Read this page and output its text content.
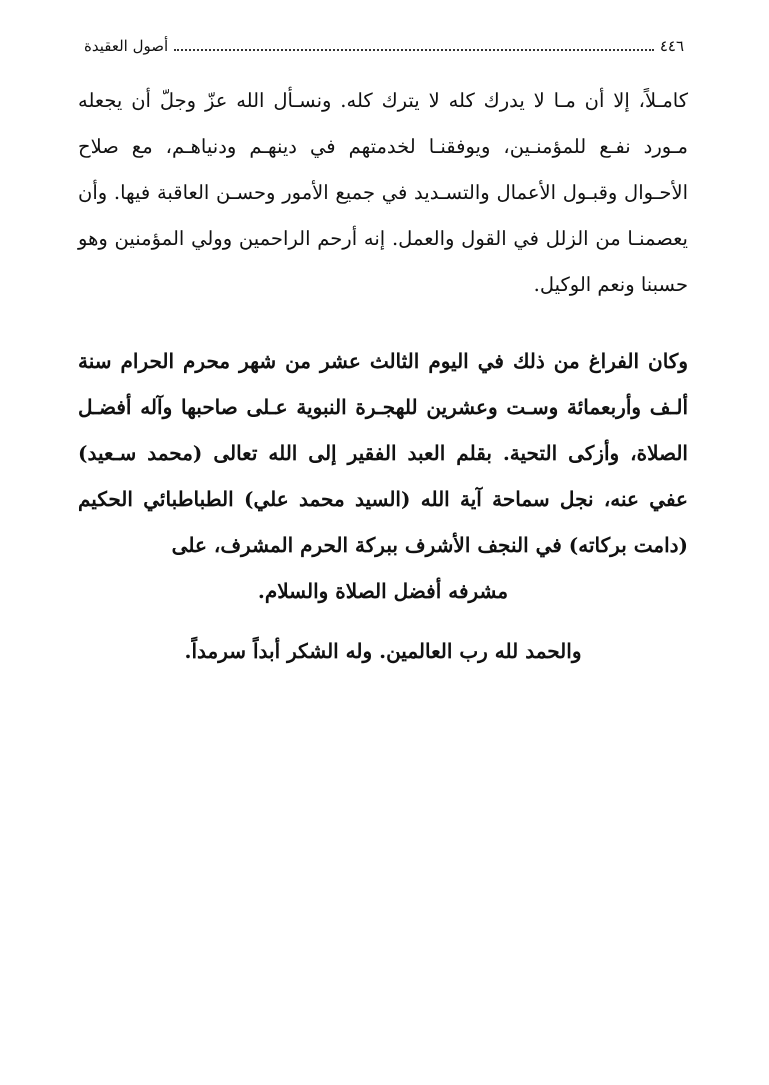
٤٤٦
أصول العقيدة

كامـلاً، إلا أن مـا لا يدرك كله لا يترك كله. ونسـأل الله عزّ وجلّ أن يجعله مـورد نفـع للمؤمنـين، ويوفقنـا لخدمتهم في دينهـم ودنياهـم، مع صلاح الأحـوال وقبـول الأعمال والتسـديد في جميع الأمور وحسـن العاقبة فيها. وأن يعصمنـا من الزلل في القول والعمل. إنه أرحم الراحمين وولي المؤمنين وهو حسبنا ونعم الوكيل.

وكان الفراغ من ذلك في اليوم الثالث عشر من شهر محرم الحرام سنة ألـف وأربعمائة وسـت وعشرين للهجـرة النبوية عـلى صاحبها وآله أفضـل الصلاة، وأزكى التحية. بقلم العبد الفقير إلى الله تعالى (محمد سـعيد) عفي عنه، نجل سماحة آية الله (السيد محمد علي) الطباطبائي الحكيم (دامت بركاته) في النجف الأشرف ببركة الحرم المشرف، على

مشرفه أفضل الصلاة والسلام.

والحمد لله رب العالمين. وله الشكر أبداً سرمداً.
